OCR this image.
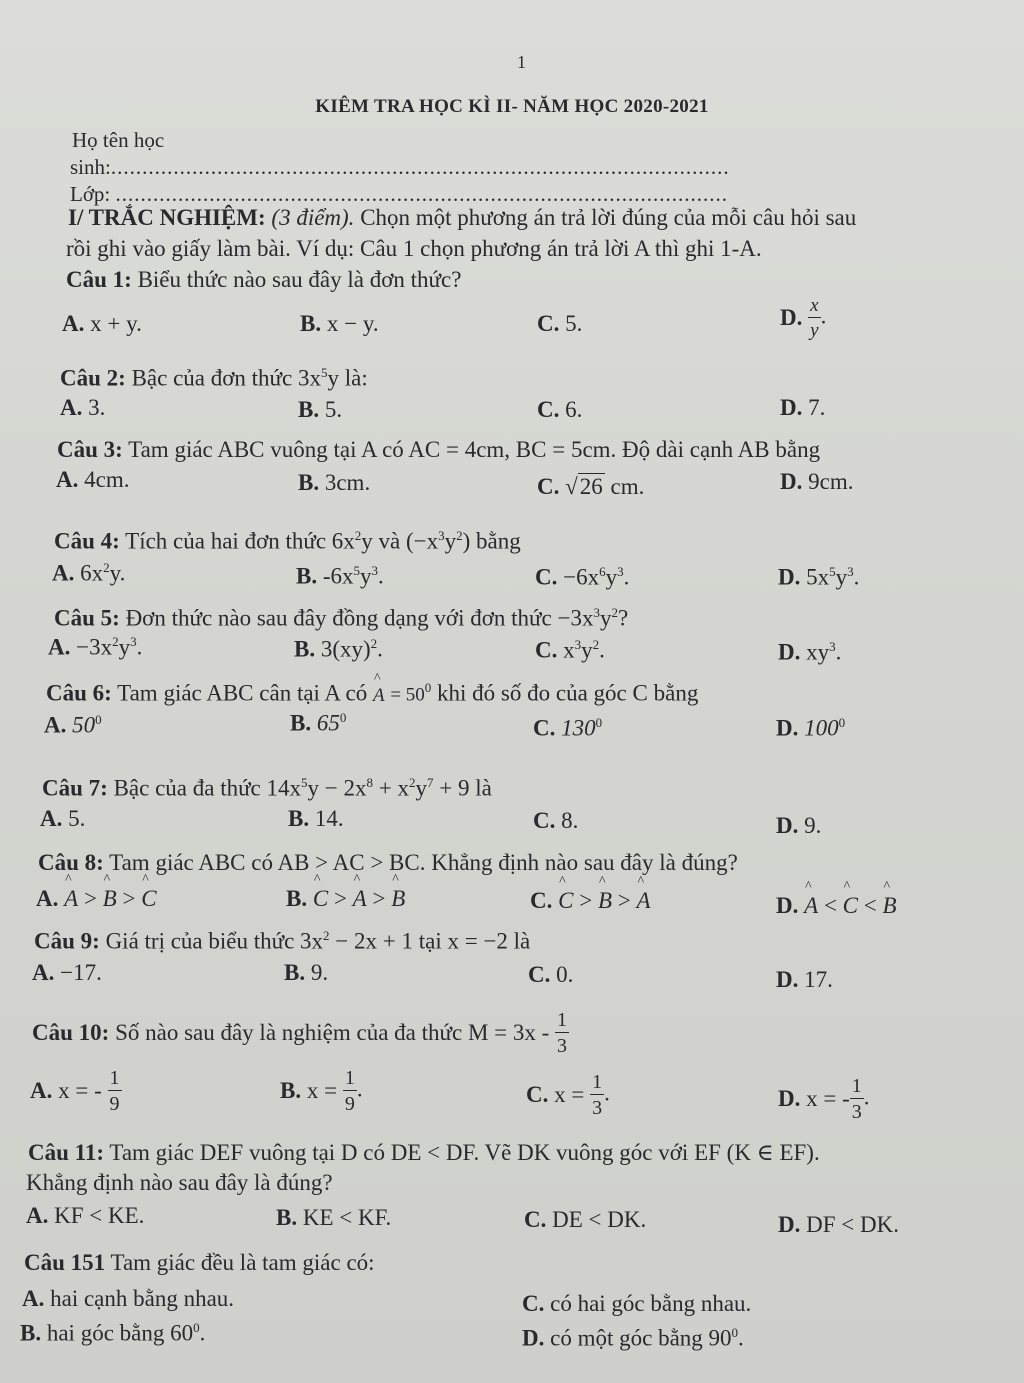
1
KIÊM TRA HỌC KÌ II- NĂM HỌC 2020-2021
Họ tên học
sinh:...................................................................................................
Lớp: ..................................................................................................
I/ TRẮC NGHIỆM: (3 điểm). Chọn một phương án trả lời đúng của mỗi câu hỏi sau
rồi ghi vào giấy làm bài. Ví dụ: Câu 1 chọn phương án trả lời A thì ghi 1-A.
Câu 1: Biểu thức nào sau đây là đơn thức?
A. x + y.	B. x − y.	C. 5.	D. $\frac{x}{y}$ .
Câu 2: Bậc của đơn thức $3x^5y$ là:
A. 3.	B. 5.	C. 6.	D. 7.
Câu 3: Tam giác ABC vuông tại A có AC = 4cm, BC = 5cm. Độ dài cạnh AB bằng
A. 4cm.	B. 3cm.	C. √26 cm.	D. 9cm.
Câu 4: Tích của hai đơn thức $6x^2y$ và $(-x^3y^2)$ bằng
A. $6x^2y$.	B. $-6x^5y^3$.	C. $-6x^6y^3$.	D. $5x^5y^3$.
Câu 5: Đơn thức nào sau đây đồng dạng với đơn thức $-3x^3y^2$?
A. $-3x^2y^3$.	B. 3(xy)$^2$.	C. $x^3y^2$.	D. $xy^3$.
Câu 6: Tam giác ABC cân tại A có ^ $A = 50^0$ khi đó số đo của góc C bằng
A. $50^0$	B. $65^0$	C. $130^0$	D. $100^0$
Câu 7: Bậc của đa thức $14x^5y - 2x^8 + x^2y^7 + 9$ là
A. 5.	B. 14.	C. 8.	D. 9.
Câu 8: Tam giác ABC có AB > AC > BC. Khẳng định nào sau đây là đúng?
A. ^ A > ^ B > ^ C	B. ^ C > ^ A > ^ B	C. ^ C > ^ B > ^ A	D. ^ A < ^ C < ^ B
Câu 9: Giá trị của biểu thức $3x^2 - 2x + 1$ tại x = −2 là
A. −17.	B. 9.	C. 0.	D. 17.
Câu 10: Số nào sau đây là nghiệm của đa thức $M = 3x - \frac{1}{3}$
A. x = - $\frac{1}{9}$	B. $x = \frac{1}{9}$ .	C. $x = \frac{1}{3}$ .	D. x = - $\frac{1}{3}$ .
Câu 11: Tam giác DEF vuông tại D có DE < DF. Vẽ DK vuông góc với EF (K ∈ EF).
Khẳng định nào sau đây là đúng?
A. KF < KE.	B. KE < KF.	C. DE < DK.	D. DF < DK.
Câu 151 Tam giác đều là tam giác có:
A. hai cạnh bằng nhau.	C. có hai góc bằng nhau.
B. hai góc bằng $60^0$.	D. có một góc bằng $90^0$.
